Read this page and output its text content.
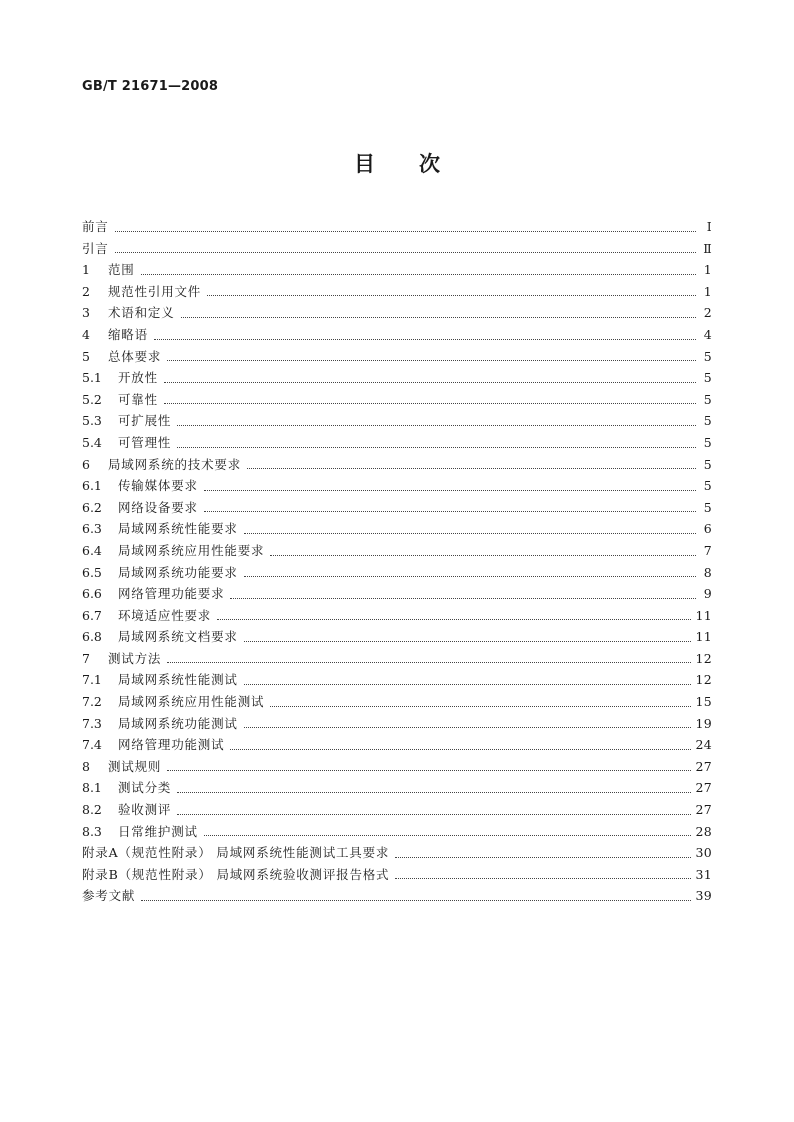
GB/T 21671—2008
目次
前言	Ⅰ
引言	Ⅱ
1	范围	1
2	规范性引用文件	1
3	术语和定义	2
4	缩略语	4
5	总体要求	5
5.1	开放性	5
5.2	可靠性	5
5.3	可扩展性	5
5.4	可管理性	5
6	局域网系统的技术要求	5
6.1	传输媒体要求	5
6.2	网络设备要求	5
6.3	局域网系统性能要求	6
6.4	局域网系统应用性能要求	7
6.5	局域网系统功能要求	8
6.6	网络管理功能要求	9
6.7	环境适应性要求	11
6.8	局域网系统文档要求	11
7	测试方法	12
7.1	局域网系统性能测试	12
7.2	局域网系统应用性能测试	15
7.3	局域网系统功能测试	19
7.4	网络管理功能测试	24
8	测试规则	27
8.1	测试分类	27
8.2	验收测评	27
8.3	日常维护测试	28
附录A（规范性附录） 局域网系统性能测试工具要求	30
附录B（规范性附录） 局域网系统验收测评报告格式	31
参考文献	39
